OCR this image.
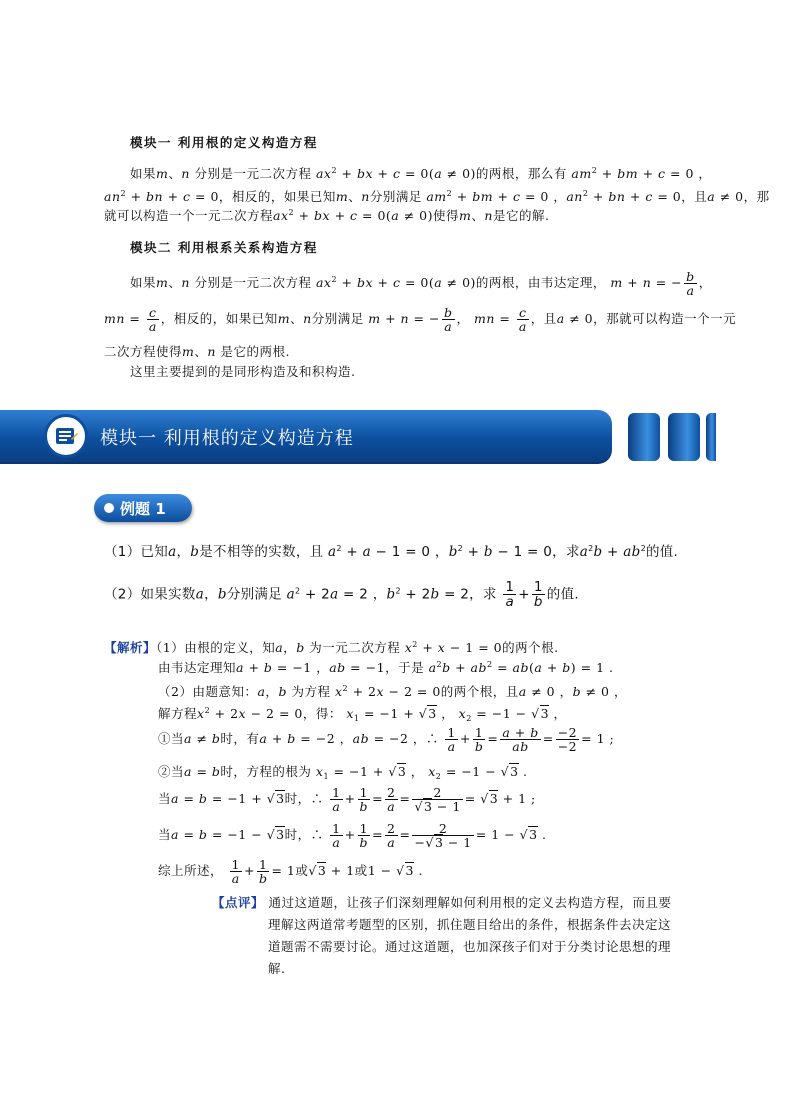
模块一 利用根的定义构造方程
如果m、n 分别是一元二次方程 $ax^2$ + bx + c = 0(a ≠ 0)的两根，那么有 $am^2$ + bm + c = 0 ，
$an^2$ + bn + c = 0，相反的，如果已知m、n分别满足 $am^2$ + bm + c = 0 ，$an^2$ + bn + c = 0，且a ≠ 0，那
就可以构造一个一元二次方程$ax^2$ + bx + c = 0(a ≠ 0)使得m、n是它的解.
模块二 利用根系关系构造方程
如果m、n 分别是一元二次方程 $ax^2$ + bx + c = 0(a ≠ 0)的两根，由韦达定理， m + n = − $\frac{b}{a}$ ，
mn = $\frac{c}{a}$ ，相反的，如果已知m、n分别满足 m + n = − $\frac{b}{a}$ ， mn = $\frac{c}{a}$ ，且a ≠ 0，那就可以构造一个一元
二次方程使得m、n 是它的两根.
这里主要提到的是同形构造及和积构造.
模块一 利用根的定义构造方程
例题 1
（1）已知a，b是不相等的实数，且 $a^2 + a - 1 = 0$ ，$b^2 + b - 1 = 0$，求$a^2b + ab^2$的值.
（2）如果实数a，b分别满足 $a^2 + 2a = 2$ ，$b^2 + 2b = 2$，求 $\frac{1}{a} + \frac{1}{b}$ 的值.
【解析】（1）由根的定义，知a，b 为一元二次方程 $x^2 + x - 1 = 0$的两个根.
由韦达定理知a + b = −1 ，ab = −1，于是 $a^2b + ab^2 = ab(a + b) = 1$ .
（2）由题意知：a，b 为方程 $x^2 + 2x - 2 = 0$的两个根，且a ≠ 0 ，b ≠ 0 ，
解方程$x^2 + 2x - 2 = 0$，得： $x_1 = -1 + √3$ ， $x_2 = -1 - √3$ ，
①当a ≠ b时，有a + b = −2 ，ab = −2 ，∴ $\frac{1}{a} + \frac{1}{b} = \frac{a + b}{ab} = \frac{-2}{-2} = 1$ ;
②当a = b时，方程的根为 $x_1 = -1 + √3$ ， $x_2 = -1 - √3$ .
当a = b = −1 + √3时，∴ $\frac{1}{a} + \frac{1}{b} = \frac{2}{a} = \frac{2}{√3 - 1} = √3 + 1$ ;
当a = b = −1 − √3时，∴ $\frac{1}{a} + \frac{1}{b} = \frac{2}{a} = \frac{2}{-√3 - 1} = 1 - √3$ .
综上所述， $\frac{1}{a} + \frac{1}{b} = 1$或√3 + 1或1 − √3 .
【点评】 通过这道题，让孩子们深刻理解如何利用根的定义去构造方程，而且要
理解这两道常考题型的区别，抓住题目给出的条件，根据条件去决定这
道题需不需要讨论。通过这道题，也加深孩子们对于分类讨论思想的理
解.
